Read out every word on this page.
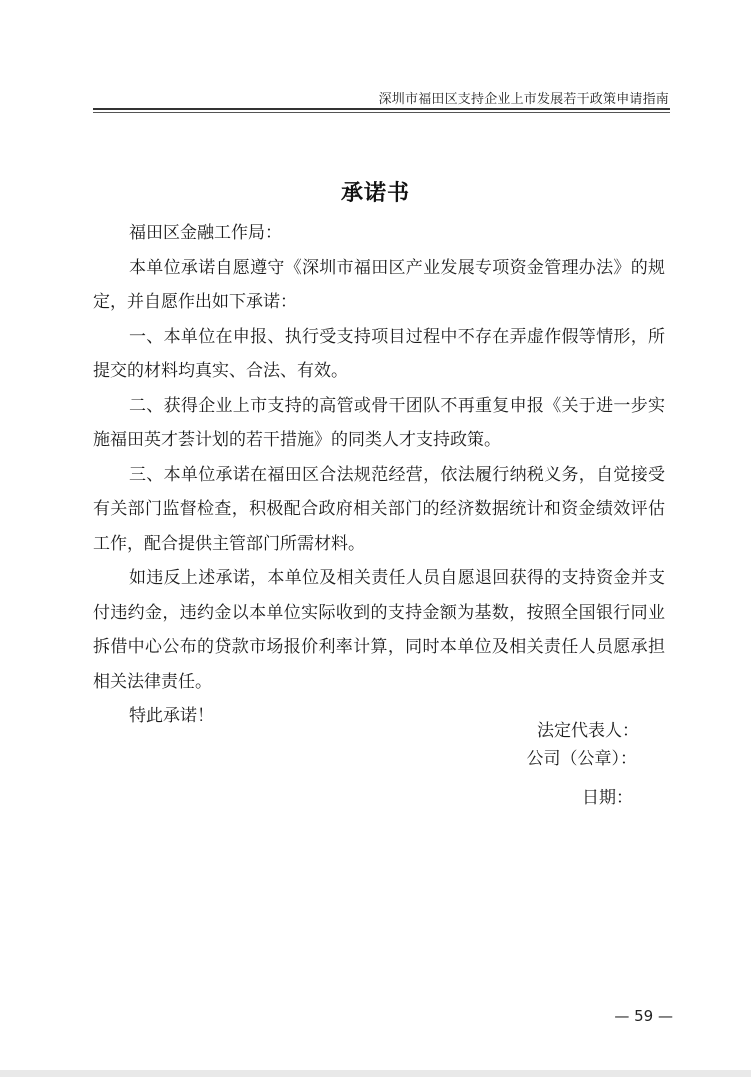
深圳市福田区支持企业上市发展若干政策申请指南
承诺书

福田区金融工作局：

本单位承诺自愿遵守《深圳市福田区产业发展专项资金管理办法》的规定，并自愿作出如下承诺：

一、本单位在申报、执行受支持项目过程中不存在弄虚作假等情形，所提交的材料均真实、合法、有效。

二、获得企业上市支持的高管或骨干团队不再重复申报《关于进一步实施福田英才荟计划的若干措施》的同类人才支持政策。

三、本单位承诺在福田区合法规范经营，依法履行纳税义务，自觉接受有关部门监督检查，积极配合政府相关部门的经济数据统计和资金绩效评估工作，配合提供主管部门所需材料。

如违反上述承诺，本单位及相关责任人员自愿退回获得的支持资金并支付违约金，违约金以本单位实际收到的支持金额为基数，按照全国银行同业拆借中心公布的贷款市场报价利率计算，同时本单位及相关责任人员愿承担相关法律责任。

特此承诺！

法定代表人：
公司（公章）：
日期：
— 59 —
